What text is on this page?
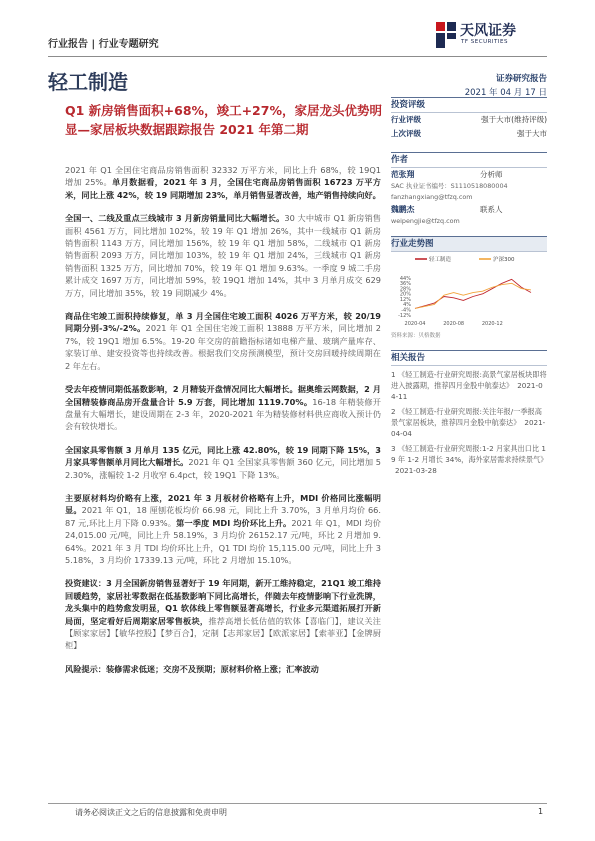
行业报告 | 行业专题研究
天风证券
TF SECURITIES
轻工制造	证券研究报告
2021 年 04 月 17 日
Q1 新房销售面积+68%，竣工+27%，家居龙头优势明显—家居板块数据跟踪报告 2021 年第二期

2021 年 Q1 全国住宅商品房销售面积 32332 万平方米，同比上升 68%，较 19Q1 增加 25%。单月数据看，2021 年 3 月，全国住宅商品房销售面积 16723 万平方米，同比上涨 42%，较 19 同期增加 23%，单月销售显著改善，地产销售持续向好。

全国一、二线及重点三线城市 3 月新房销量同比大幅增长。30 大中城市 Q1 新房销售面积 4561 万方，同比增加 102%，较 19 年 Q1 增加 26%，其中一线城市 Q1 新房销售面积 1143 万方，同比增加 156%，较 19 年 Q1 增加 58%，二线城市 Q1 新房销售面积 2093 万方，同比增加 103%，较 19 年 Q1 增加 24%，三线城市 Q1 新房销售面积 1325 万方，同比增加 70%，较 19 年 Q1 增加 9.63%。一季度 9 城二手房累计成交 1697 万方，同比增加 59%，较 19Q1 增加 14%，其中 3 月单月成交 629 万方，同比增加 35%，较 19 同期减少 4%。

商品住宅竣工面积持续修复，单 3 月全国住宅竣工面积 4026 万平方米，较 20/19 同期分别-3%/-2%。2021 年 Q1 全国住宅竣工面积 13888 万平方米，同比增加 27%，较 19Q1 增加 6.5%。19-20 年交房的前瞻指标诸如电梯产量、玻璃产量库存、家装订单、建安投资等也持续改善。根据我们交房预测模型，预计交房回暖持续周期在 2 年左右。

受去年疫情同期低基数影响，2 月精装开盘情况同比大幅增长。据奥维云网数据，2 月全国精装修商品房开盘量合计 5.9 万套，同比增加 1119.70%。16-18 年精装修开盘量有大幅增长，建设周期在 2-3 年，2020-2021 年为精装修材料供应商收入预计仍会有较快增长。

全国家具零售额 3 月单月 135 亿元，同比上涨 42.80%，较 19 同期下降 15%，3 月家具零售额单月同比大幅增长。2021 年 Q1 全国家具零售额 360 亿元，同比增加 52.30%，涨幅较 1-2 月收窄 6.4pct，较 19Q1 下降 13%。

主要原材料均价略有上涨，2021 年 3 月板材价格略有上升，MDI 价格同比涨幅明显。2021 年 Q1，18 厘刨花板均价 66.98 元，同比上升 3.70%，3 月单月均价 66.87 元,环比上月下降 0.93%。第一季度 MDI 均价环比上升。2021 年 Q1，MDI 均价 24,015.00 元/吨，同比上升 58.19%，3 月均价 26152.17 元/吨，环比 2 月增加 9.64%。2021 年 3 月 TDI 均价环比上升，Q1 TDI 均价 15,115.00 元/吨，同比上升 35.18%，3 月均价 17339.13 元/吨，环比 2 月增加 15.10%。

投资建议：3 月全国新房销售显著好于 19 年同期，新开工维持稳定，21Q1 竣工维持回暖趋势，家居社零数据在低基数影响下同比高增长，伴随去年疫情影响下行业洗牌，龙头集中的趋势愈发明显，Q1 软体线上零售额显著高增长，行业多元渠道拓展打开新局面，坚定看好后周期家居零售板块，推荐高增长低估值的软体【喜临门】，建议关注【顾家家居】【敏华控股】【梦百合】，定制【志邦家居】【欧派家居】【索菲亚】【金牌厨柜】

风险提示：装修需求低迷；交房不及预期；原材料价格上涨；汇率波动

投资评级
行业评级	强于大市(维持评级)
上次评级	强于大市
作者
范张翔	分析师
SAC 执业证书编号：S1110518080004
fanzhangxiang@tfzq.com
魏鹏杰	联系人
weipengjie@tfzq.com
行业走势图
轻工制造	沪深300
44%
36%
28%
20%
12%
4%
-4%
-12%
2020-04	2020-08	2020-12
资料来源：贝格数据
相关报告
1 《轻工制造-行业研究周报:高景气家居板块即将进入披露期，推荐四月金股中航泰达》 2021-04-11
2 《轻工制造-行业研究周报:关注年报/一季报高景气家居板块，推荐四月金股中航泰达》 2021-04-04
3 《轻工制造-行业研究周报:1-2 月家具出口比 19 年 1-2 月增长 34%，海外家居需求持续景气》2021-03-28
请务必阅读正文之后的信息披露和免责申明	1
